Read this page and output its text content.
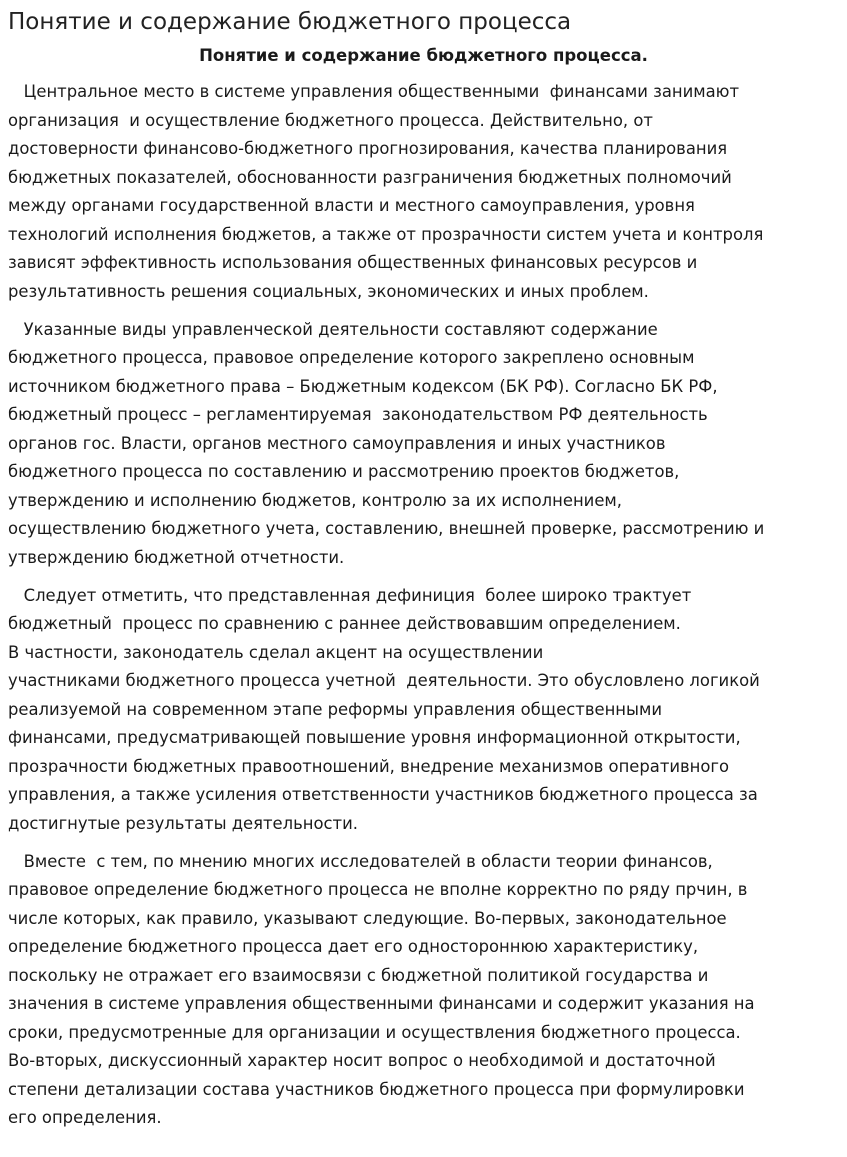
Понятие и содержание бюджетного процесса
Понятие и содержание бюджетного процесса.
Центральное место в системе управления общественными  финансами занимают
организация  и осуществление бюджетного процесса. Действительно, от
достоверности финансово-бюджетного прогнозирования, качества планирования
бюджетных показателей, обоснованности разграничения бюджетных полномочий
между органами государственной власти и местного самоуправления, уровня
технологий исполнения бюджетов, а также от прозрачности систем учета и контроля
зависят эффективность использования общественных финансовых ресурсов и
результативность решения социальных, экономических и иных проблем.
Указанные виды управленческой деятельности составляют содержание
бюджетного процесса, правовое определение которого закреплено основным
источником бюджетного права – Бюджетным кодексом (БК РФ). Согласно БК РФ,
бюджетный процесс – регламентируемая  законодательством РФ деятельность
органов гос. Власти, органов местного самоуправления и иных участников
бюджетного процесса по составлению и рассмотрению проектов бюджетов,
утверждению и исполнению бюджетов, контролю за их исполнением,
осуществлению бюджетного учета, составлению, внешней проверке, рассмотрению и
утверждению бюджетной отчетности.
Следует отметить, что представленная дефиниция  более широко трактует
бюджетный  процесс по сравнению с раннее действовавшим определением.
В частности, законодатель сделал акцент на осуществлении
участниками бюджетного процесса учетной  деятельности. Это обусловлено логикой
реализуемой на современном этапе реформы управления общественными
финансами, предусматривающей повышение уровня информационной открытости,
прозрачности бюджетных правоотношений, внедрение механизмов оперативного
управления, а также усиления ответственности участников бюджетного процесса за
достигнутые результаты деятельности.
Вместе  с тем, по мнению многих исследователей в области теории финансов,
правовое определение бюджетного процесса не вполне корректно по ряду прчин, в
числе которых, как правило, указывают следующие. Во-первых, законодательное
определение бюджетного процесса дает его одностороннюю характеристику,
поскольку не отражает его взаимосвязи с бюджетной политикой государства и
значения в системе управления общественными финансами и содержит указания на
сроки, предусмотренные для организации и осуществления бюджетного процесса.
Во-вторых, дискуссионный характер носит вопрос о необходимой и достаточной
степени детализации состава участников бюджетного процесса при формулировки
его определения.
